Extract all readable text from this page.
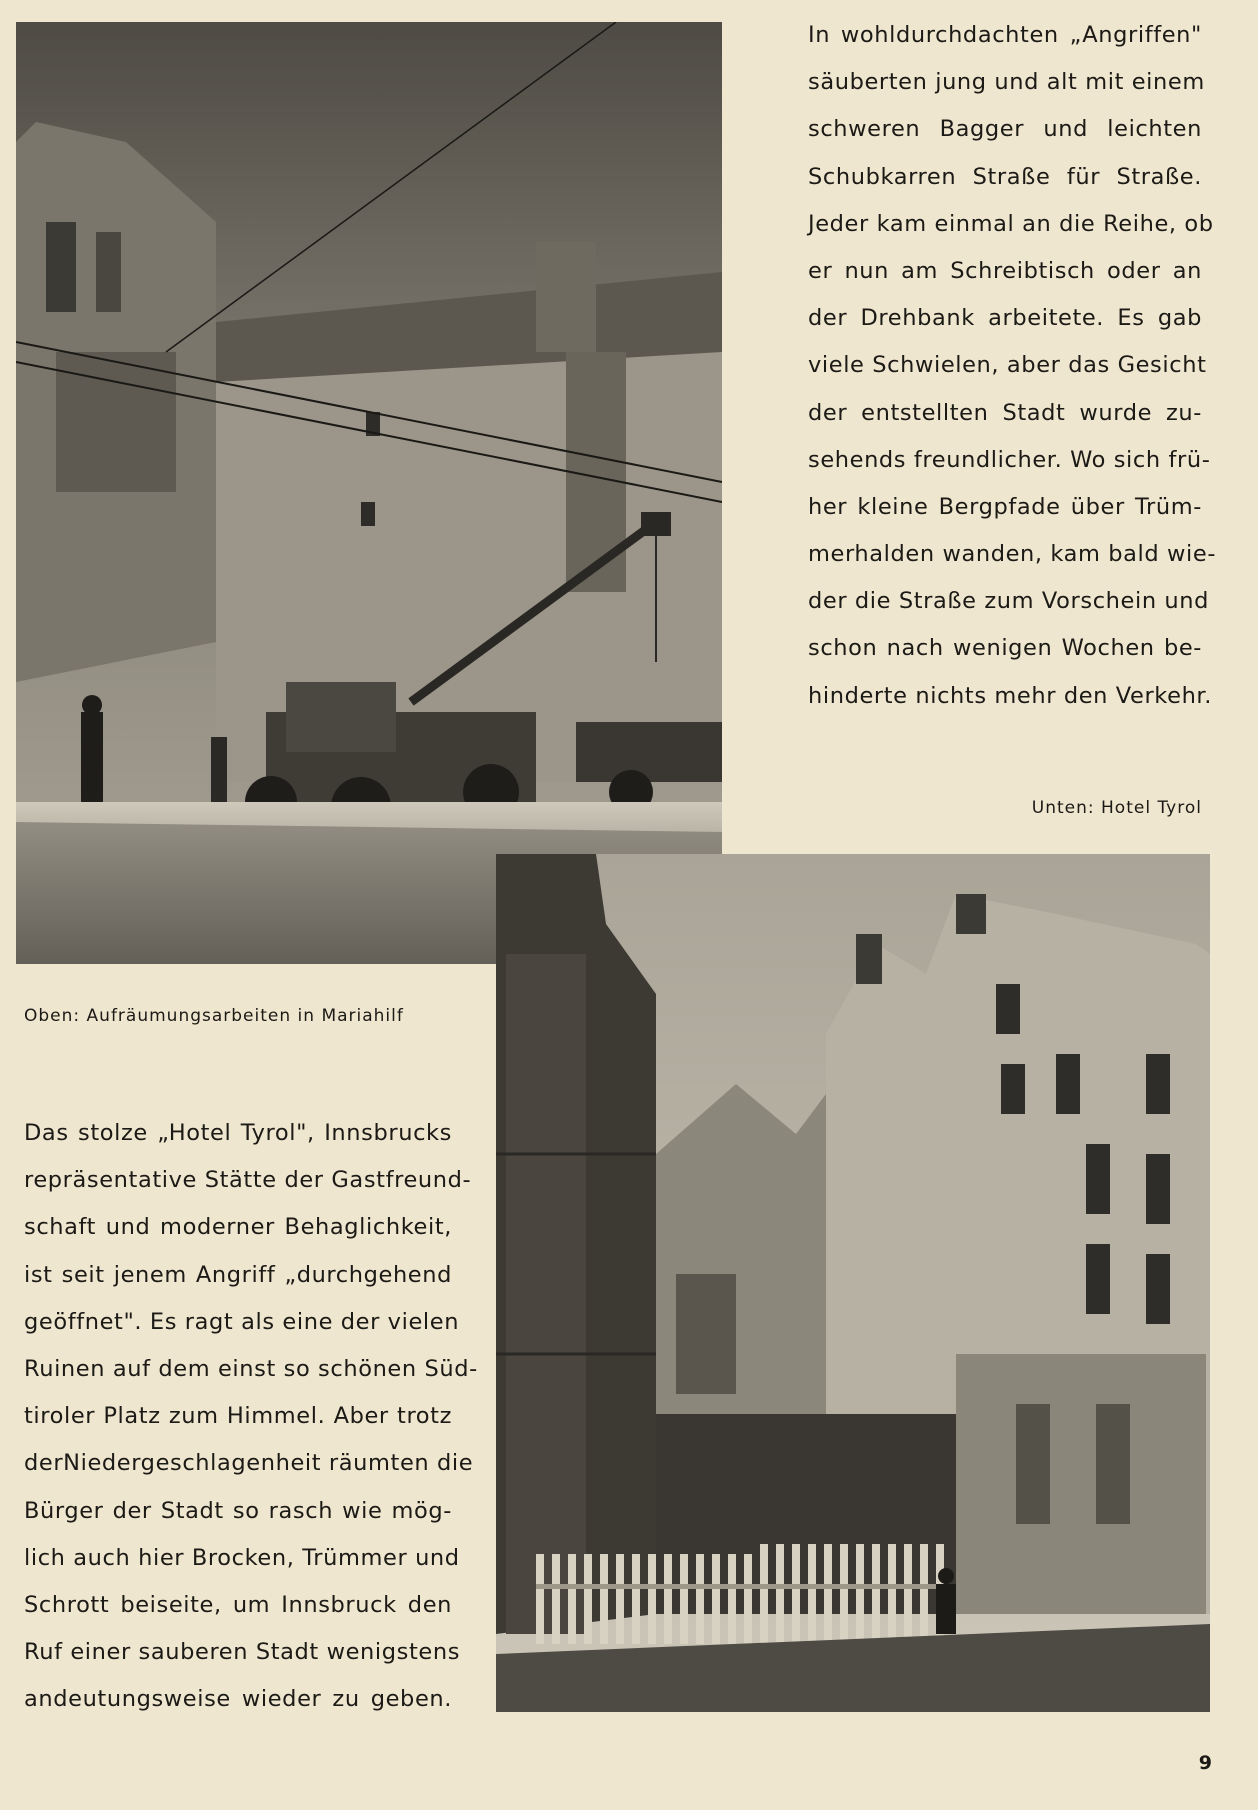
In wohldurchdachten „Angriffen"
säuberten jung und alt mit einem
schweren Bagger und leichten
Schubkarren Straße für Straße.
Jeder kam einmal an die Reihe, ob
er nun am Schreibtisch oder an
der Drehbank arbeitete. Es gab
viele Schwielen, aber das Gesicht
der entstellten Stadt wurde zu-
sehends freundlicher. Wo sich frü-
her kleine Bergpfade über Trüm-
merhalden wanden, kam bald wie-
der die Straße zum Vorschein und
schon nach wenigen Wochen be-
hinderte nichts mehr den Verkehr.
Unten: Hotel Tyrol
Oben: Aufräumungsarbeiten in Mariahilf
Das stolze „Hotel Tyrol", Innsbrucks
repräsentative Stätte der Gastfreund-
schaft und moderner Behaglichkeit,
ist seit jenem Angriff „durchgehend
geöffnet". Es ragt als eine der vielen
Ruinen auf dem einst so schönen Süd-
tiroler Platz zum Himmel. Aber trotz
derNiedergeschlagenheit räumten die
Bürger der Stadt so rasch wie mög-
lich auch hier Brocken, Trümmer und
Schrott beiseite, um Innsbruck den
Ruf einer sauberen Stadt wenigstens
andeutungsweise wieder zu geben.
9
